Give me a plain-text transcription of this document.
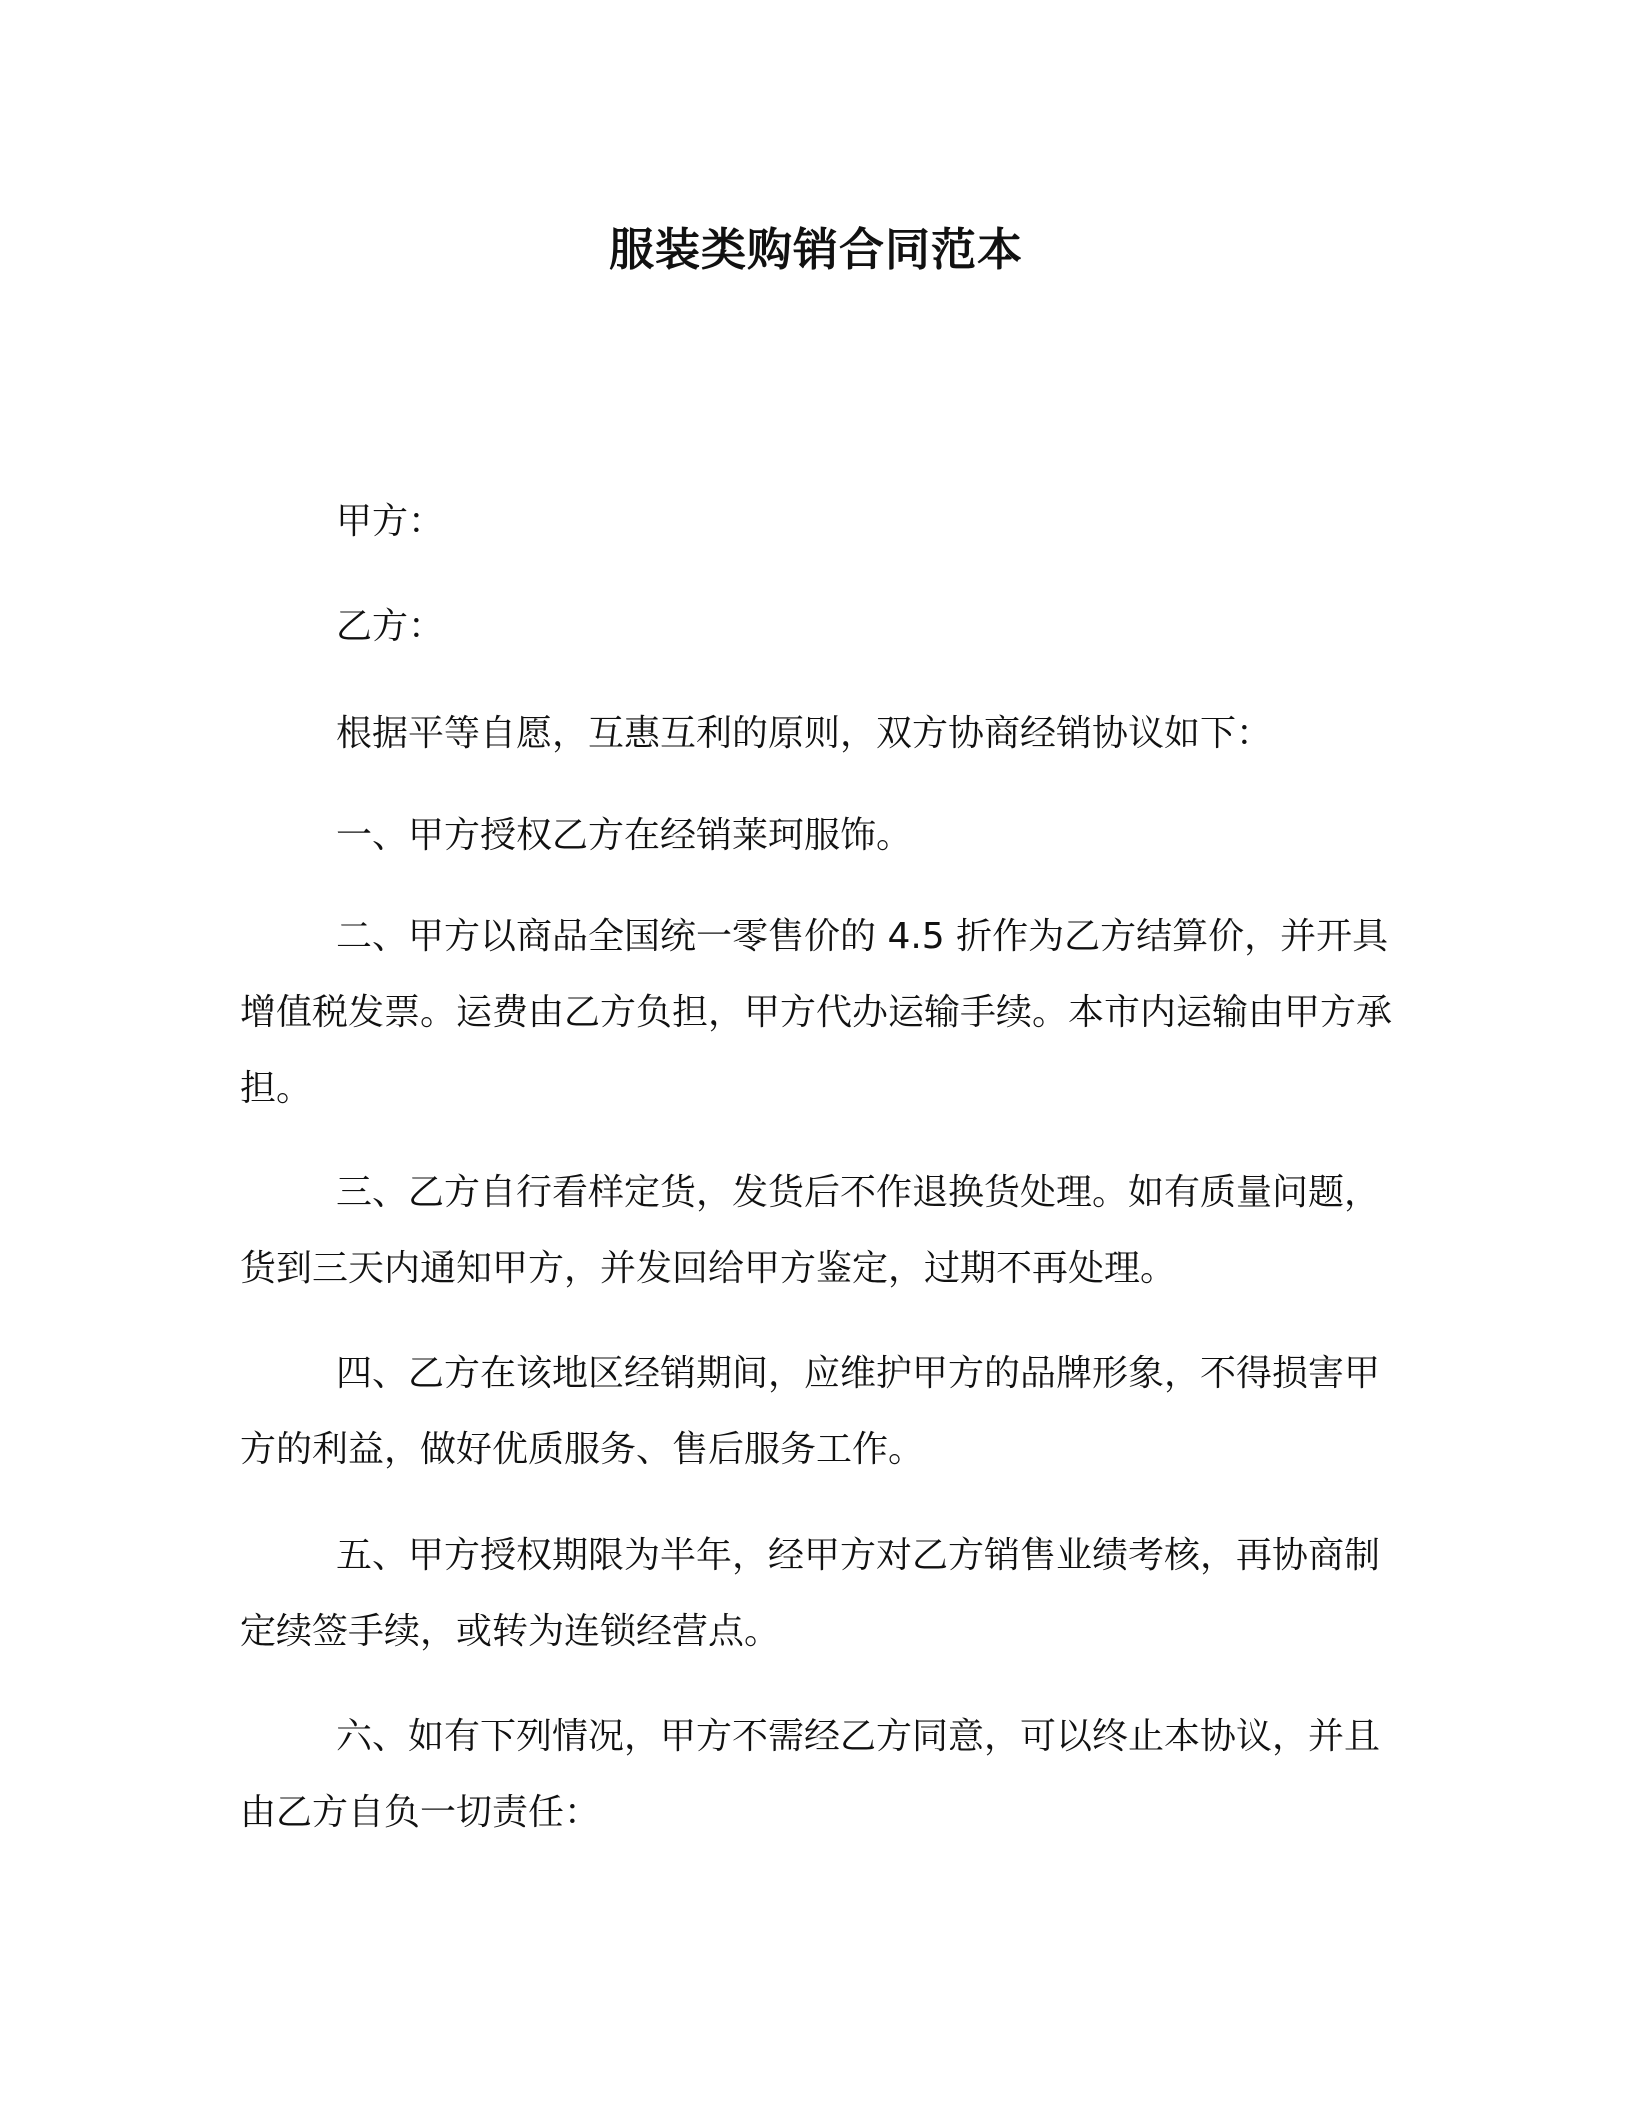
服装类购销合同范本

甲方：

乙方：

根据平等自愿，互惠互利的原则，双方协商经销协议如下：

一、甲方授权乙方在经销莱珂服饰。

二、甲方以商品全国统一零售价的 4.5 折作为乙方结算价，并开具增值税发票。运费由乙方负担，甲方代办运输手续。本市内运输由甲方承担。

三、乙方自行看样定货，发货后不作退换货处理。如有质量问题，货到三天内通知甲方，并发回给甲方鉴定，过期不再处理。

四、乙方在该地区经销期间，应维护甲方的品牌形象，不得损害甲方的利益，做好优质服务、售后服务工作。

五、甲方授权期限为半年，经甲方对乙方销售业绩考核，再协商制定续签手续，或转为连锁经营点。

六、如有下列情况，甲方不需经乙方同意，可以终止本协议，并且由乙方自负一切责任：
